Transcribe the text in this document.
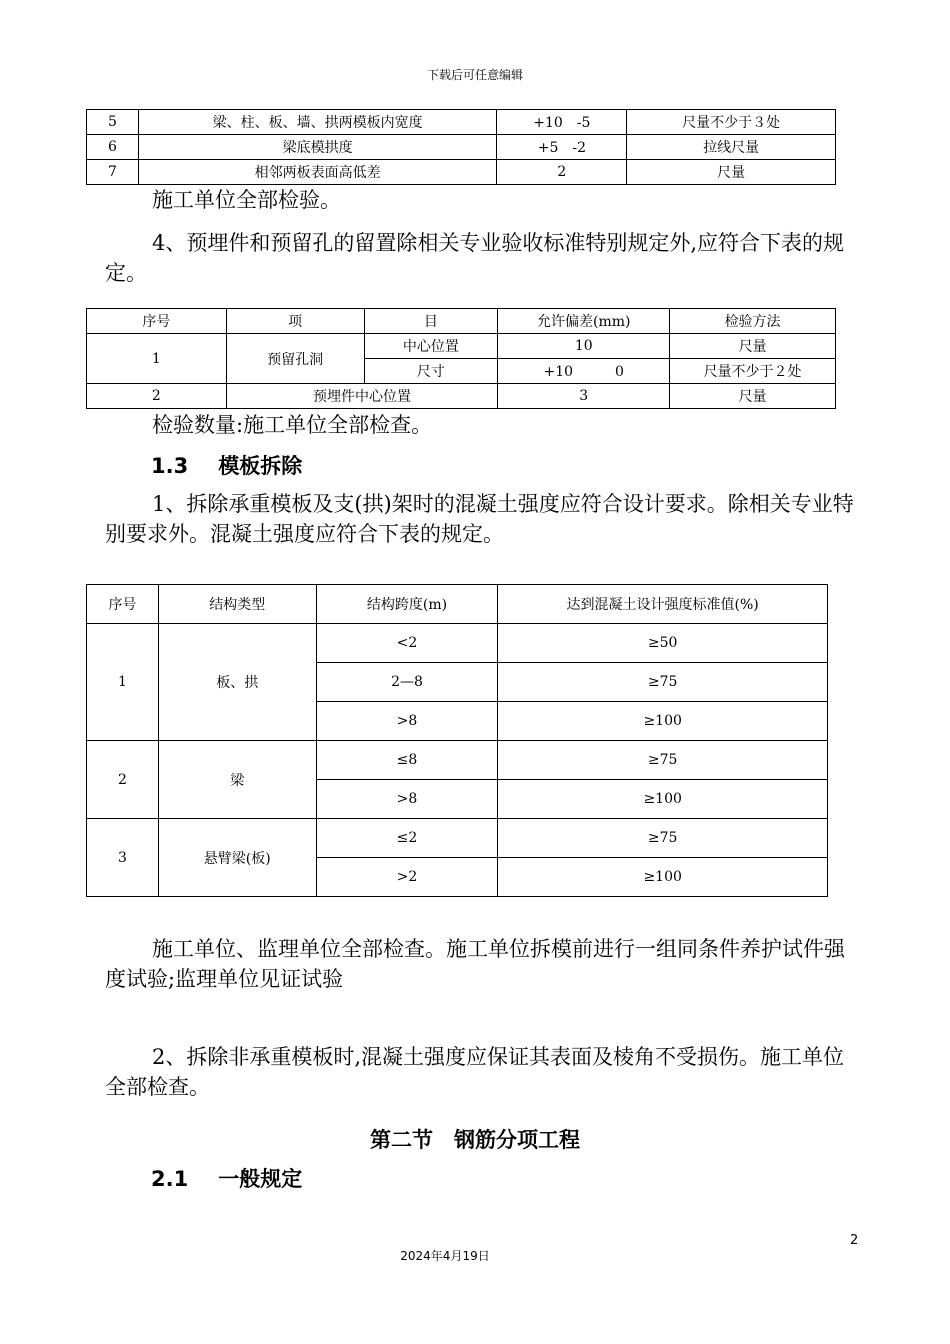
下载后可任意编辑
5	梁、柱、板、墙、拱两模板内宽度	+10　-5	尺量不少于３处
6	梁底模拱度	+5　-2	拉线尺量
7	相邻两板表面高低差	2	尺量
施工单位全部检验。
4、预埋件和预留孔的留置除相关专业验收标准特别规定外,应符合下表的规定。
序号	项	目	允许偏差(mm)	检验方法
1	预留孔洞	中心位置	10	尺量
		尺寸	+10　　　0	尺量不少于２处
2	预埋件中心位置		3	尺量
检验数量:施工单位全部检查。
1.3 模板拆除
1、拆除承重模板及支(拱)架时的混凝土强度应符合设计要求。除相关专业特别要求外。混凝土强度应符合下表的规定。
序号	结构类型	结构跨度(m)	达到混凝土设计强度标准值(%)
1	板、拱	<2	≥50
		2—8	≥75
		>8	≥100
2	梁	≤8	≥75
		>8	≥100
3	悬臂梁(板)	≤2	≥75
		>2	≥100
施工单位、监理单位全部检查。施工单位拆模前进行一组同条件养护试件强度试验;监理单位见证试验
2、拆除非承重模板时,混凝土强度应保证其表面及棱角不受损伤。施工单位全部检查。
第二节　钢筋分项工程
2.1 一般规定
2
2024年4月19日
